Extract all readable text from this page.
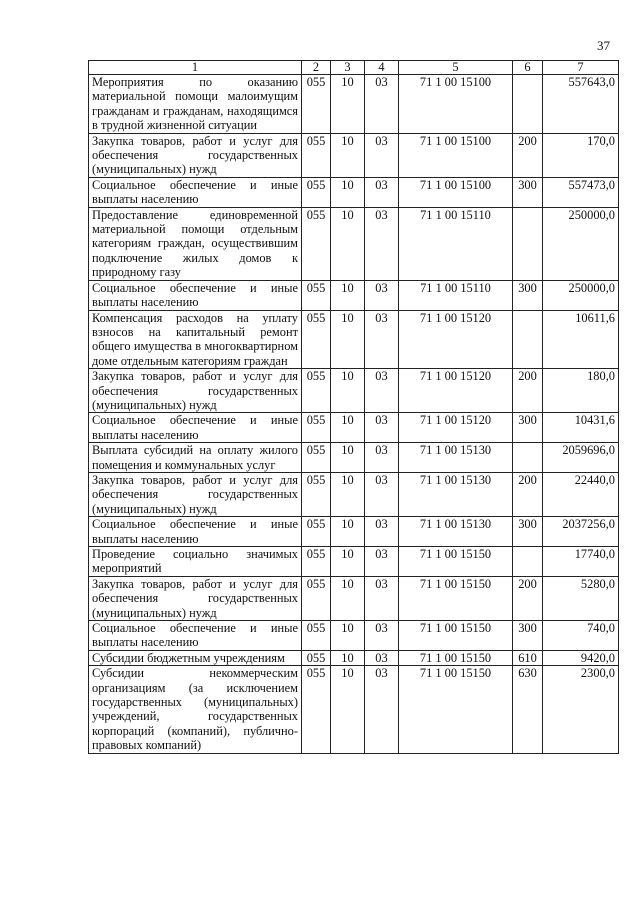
37
1	2	3	4	5	6	7
Мероприятия по оказанию материальной помощи малоимущим гражданам и гражданам, находящимся в трудной жизненной ситуации	055	10	03	71 1 00 15100		557643,0
Закупка товаров, работ и услуг для обеспечения государственных (муниципальных) нужд	055	10	03	71 1 00 15100	200	170,0
Социальное обеспечение и иные выплаты населению	055	10	03	71 1 00 15100	300	557473,0
Предоставление единовременной материальной помощи отдельным категориям граждан, осуществившим подключение жилых домов к природному газу	055	10	03	71 1 00 15110		250000,0
Социальное обеспечение и иные выплаты населению	055	10	03	71 1 00 15110	300	250000,0
Компенсация расходов на уплату взносов на капитальный ремонт общего имущества в многоквартирном доме отдельным категориям граждан	055	10	03	71 1 00 15120		10611,6
Закупка товаров, работ и услуг для обеспечения государственных (муниципальных) нужд	055	10	03	71 1 00 15120	200	180,0
Социальное обеспечение и иные выплаты населению	055	10	03	71 1 00 15120	300	10431,6
Выплата субсидий на оплату жилого помещения и коммунальных услуг	055	10	03	71 1 00 15130		2059696,0
Закупка товаров, работ и услуг для обеспечения государственных (муниципальных) нужд	055	10	03	71 1 00 15130	200	22440,0
Социальное обеспечение и иные выплаты населению	055	10	03	71 1 00 15130	300	2037256,0
Проведение социально значимых мероприятий	055	10	03	71 1 00 15150		17740,0
Закупка товаров, работ и услуг для обеспечения государственных (муниципальных) нужд	055	10	03	71 1 00 15150	200	5280,0
Социальное обеспечение и иные выплаты населению	055	10	03	71 1 00 15150	300	740,0
Субсидии бюджетным учреждениям	055	10	03	71 1 00 15150	610	9420,0
Субсидии некоммерческим организациям (за исключением государственных (муниципальных) учреждений, государственных корпораций (компаний), публично-правовых компаний)	055	10	03	71 1 00 15150	630	2300,0
